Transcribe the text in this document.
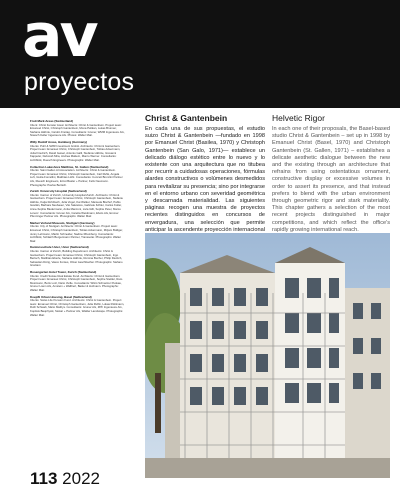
av
proyectos
Fruit Mark Areas (Switzerland)
Client: Christ Fenster Areal. Architects: Christ & Gantenbein. Project team: Emanuel Christ, Christoph Gantenbein, Mona Pelikan, Lukas Brunner, Stefanie Hähnle, Carolin Freitag. Consultants: Gruner, WMM Ingenieure AG, Nüesch Keller Ingenieure AG. Photos: Walter Mair.
Willy Rudolf Areas, Hamburg (Germany)
Clients: Pohl & SWR Investment GmbH. Architects: Christ & Gantenbein. Project team: Emanuel Christ, Christoph Gantenbein, Tobias Ackermann, Julia Friedrich, David Geisel, Antonio Galli, Stefanie Hähnle, Giovanni Kappeler, Deborah Mira, Andrea Mattern, Marco Werner. Consultants: Lichtblick, Ruesch Engineers. Photographs: Walter Mair.
Collection Lakeshore Matthias, St. Gallen (Switzerland)
Clients: Saint Gallen Art Association. Architects: Christ & Gantenbein. Project team: Emanuel Christ, Christoph Gantenbein, Carl Ruflé, Angela Luft, Giulia Forcellini, Matthias Lüthi. Consultants: Conzett Bronzini Partner AG, Ruesch Engineers, Ernst Basler + Partner, Felix Neumann. Photographs: Pavlos Bertsch.
Zurich University Hospital (Switzerland)
Clients: Canton of Zurich, University Hospital Zurich. Architects: Christ & Gantenbein. Project team: Emanuel Christ, Christoph Gantenbein, Stefanie Hähnle, Katja Rohrbach, Julia Vogel, Kai Welker, Manuela Bischof, Pablo Gavilán, Barbara Neubauer, Vito Salvatore, Gabriele Köhler, Carlos Koller, Anne-Sophie Biedermann, Anita Manzoni, Livia Gilli, Sophie Peter, Marco Lorenz. Consultants: Gruner AG, Caretta Weidmann, Ebolo AG, Emmer Pfenninger Partner AG. Photographs: Walter Mair.
Market Vorland Museum, Stuttgart (Germany)
Clients: City of Stuttgart. Architects: Christ & Gantenbein. Project team: Emanuel Christ, Christoph Gantenbein, Tobias Ackermann, Mirjam Bolliger, Jenny Lehmann, Martin Schneider, Nadine Rheinberg. Consultants: Lichtblick, Schlaich Bergermann Partner, Transsolar. Photographs: Walter Mair.
Kantonsschule Uster, Uster (Switzerland)
Clients: Canton of Zurich, Building Department. Architects: Christ & Gantenbein. Project team: Emanuel Christ, Christoph Gantenbein, Ingo Bertsch, Matthias Eberle, Stefanie Hähnle, Romina Bucher, Philip Dietrich, Sebastian Dörig, Vasco Fontes, Oliver Aeschbacher. Photographs: Stefano Graziani.
Rosengarten Hotel Tower, Zurich (Switzerland)
Clients: Credit Suisse Real Estate Fund. Architects: Christ & Gantenbein. Project team: Emanuel Christ, Christoph Gantenbein, Sophie Stettler, Reto Mosimann, Boris Lutz, Dario Vuille. Consultants: WGG Schnetzer Puskas, Gruner Lüem AG, Amstein + Walthert, Basler & Hofmann. Photographs: Walter Mair.
Koepfli Urban Housing, Basel (Switzerland)
Clients: Swiss Life Pension Fund. Architects: Christ & Gantenbein. Project team: Emanuel Christ, Christoph Gantenbein, Julia Ruflin, Lukas Rüttimann, Ruth Schwab, Mario Mathys. Consultants: Gruner AG, ZPF Ingenieure AG, Kopitsis Bauphysik, Stokar + Partner AG, Walder Landscape. Photographs: Walter Mair.
Christ & Gantenbein

En cada una de sus propuestas, el estudio suizo Christ & Gantenbein —fundado en 1998 por Emanuel Christ (Basilea, 1970) y Christoph Gantenbein (San Galo, 1971)— establece un delicado diálogo estético entre lo nuevo y lo existente con una arquitectura que no titubea por recurrir a cuidadosas operaciones, fórmulas alardes constructivos o volúmenes desmedidos para revitalizar su presencia; sino por integrarse en el entorno urbano con severidad geométrica y descarnada materialidad. Las siguientes páginas recogen una muestra de proyectos recientes distinguidos en concursos de envergadura, una selección que permite anticipar la ascendente proyección internacional

Helvetic Rigor

In each one of their proposals, the Basel-based studio Christ & Gantenbein – set up in 1998 by Emanuel Christ (Basel, 1970) and Christoph Gantenbein (St. Gallen, 1971) – establishes a delicate aesthetic dialogue between the new and the existing through an architecture that refrains from using ostentatious ornament, constructive display or excessive volumes in order to assert its presence, and that instead prefers to blend with the urban environment through geometric rigor and stark materiality. This chapter gathers a selection of the most recent projects distinguished in major competitions, and which reflect the office's rapidly growing international reach.

113 2022
